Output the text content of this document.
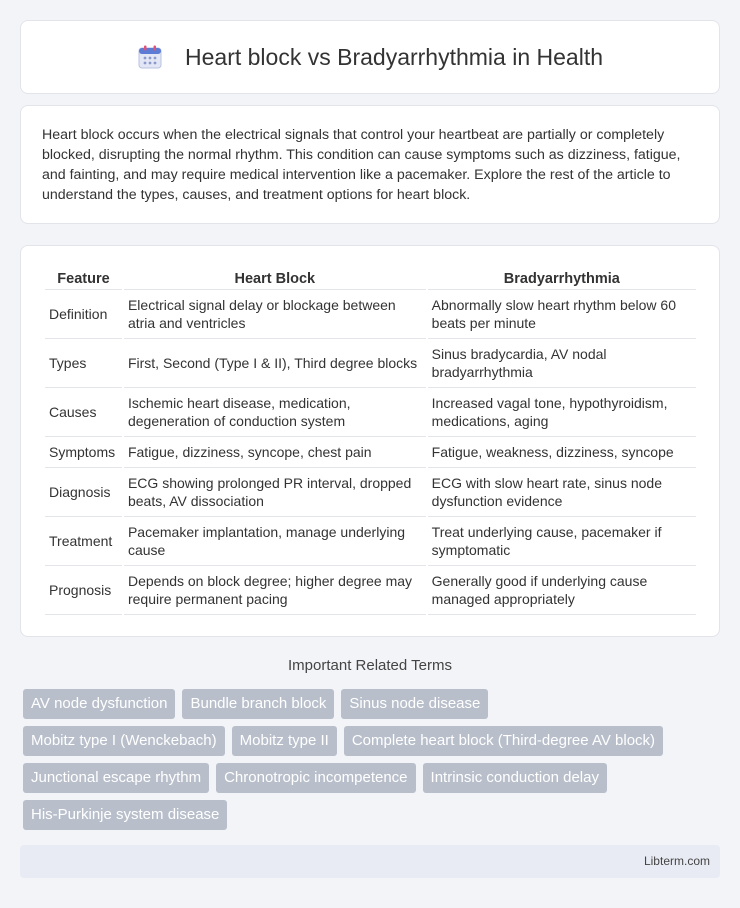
Heart block vs Bradyarrhythmia in Health

Heart block occurs when the electrical signals that control your heartbeat are partially or completely blocked, disrupting the normal rhythm. This condition can cause symptoms such as dizziness, fatigue, and fainting, and may require medical intervention like a pacemaker. Explore the rest of the article to understand the types, causes, and treatment options for heart block.

Feature	Heart Block	Bradyarrhythmia
Definition	Electrical signal delay or blockage between atria and ventricles	Abnormally slow heart rhythm below 60 beats per minute
Types	First, Second (Type I & II), Third degree blocks	Sinus bradycardia, AV nodal bradyarrhythmia
Causes	Ischemic heart disease, medication, degeneration of conduction system	Increased vagal tone, hypothyroidism, medications, aging
Symptoms	Fatigue, dizziness, syncope, chest pain	Fatigue, weakness, dizziness, syncope
Diagnosis	ECG showing prolonged PR interval, dropped beats, AV dissociation	ECG with slow heart rate, sinus node dysfunction evidence
Treatment	Pacemaker implantation, manage underlying cause	Treat underlying cause, pacemaker if symptomatic
Prognosis	Depends on block degree; higher degree may require permanent pacing	Generally good if underlying cause managed appropriately
Important Related Terms
AV node dysfunction	Bundle branch block	Sinus node disease
Mobitz type I (Wenckebach)	Mobitz type II	Complete heart block (Third-degree AV block)
Junctional escape rhythm	Chronotropic incompetence	Intrinsic conduction delay
His-Purkinje system disease
Libterm.com
